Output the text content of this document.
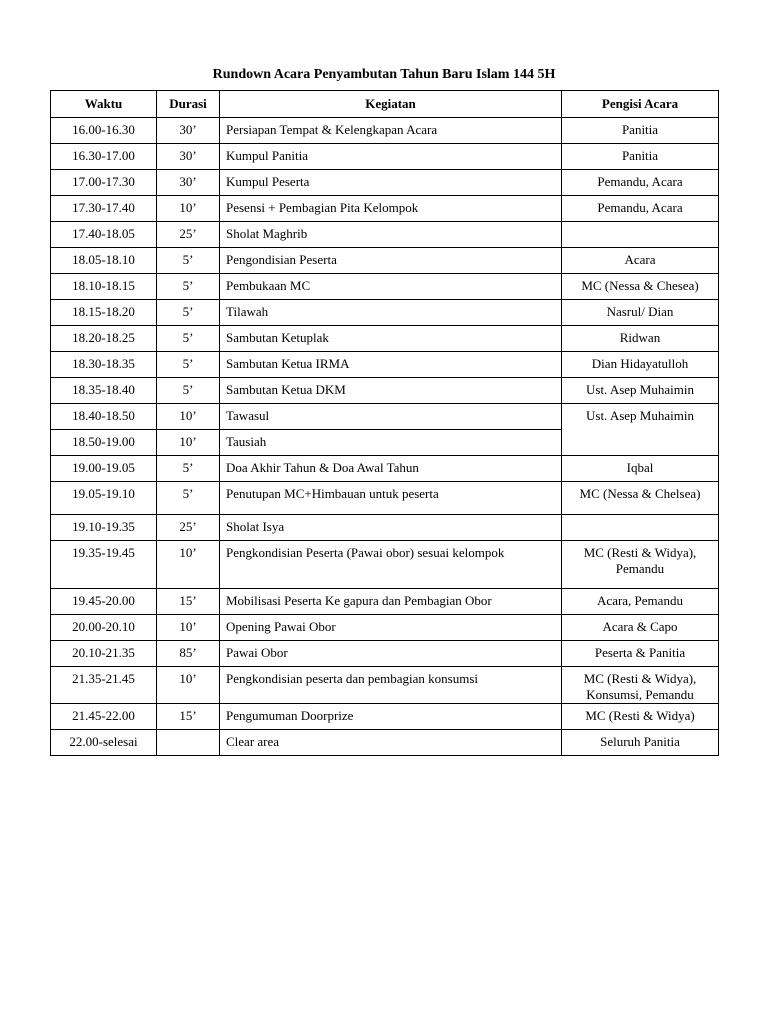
Rundown Acara Penyambutan Tahun Baru Islam 144 5H
Waktu	Durasi	Kegiatan	Pengisi Acara
16.00-16.30	30’	Persiapan Tempat & Kelengkapan Acara	Panitia
16.30-17.00	30’	Kumpul Panitia	Panitia
17.00-17.30	30’	Kumpul Peserta	Pemandu, Acara
17.30-17.40	10’	Pesensi + Pembagian Pita Kelompok	Pemandu, Acara
17.40-18.05	25’	Sholat Maghrib	
18.05-18.10	5’	Pengondisian Peserta	Acara
18.10-18.15	5’	Pembukaan MC	MC (Nessa & Chesea)
18.15-18.20	5’	Tilawah	Nasrul/ Dian
18.20-18.25	5’	Sambutan Ketuplak	Ridwan
18.30-18.35	5’	Sambutan Ketua IRMA	Dian Hidayatulloh
18.35-18.40	5’	Sambutan Ketua DKM	Ust. Asep Muhaimin
18.40-18.50	10’	Tawasul	Ust. Asep Muhaimin
18.50-19.00	10’	Tausiah	
19.00-19.05	5’	Doa Akhir Tahun & Doa Awal Tahun	Iqbal
19.05-19.10	5’	Penutupan MC+Himbauan untuk peserta	MC (Nessa & Chelsea)
19.10-19.35	25’	Sholat Isya	
19.35-19.45	10’	Pengkondisian Peserta (Pawai obor) sesuai kelompok	MC (Resti & Widya), Pemandu
19.45-20.00	15’	Mobilisasi Peserta Ke gapura dan Pembagian Obor	Acara, Pemandu
20.00-20.10	10’	Opening Pawai Obor	Acara & Capo
20.10-21.35	85’	Pawai Obor	Peserta & Panitia
21.35-21.45	10’	Pengkondisian peserta dan pembagian konsumsi	MC (Resti & Widya), Konsumsi, Pemandu
21.45-22.00	15’	Pengumuman Doorprize	MC (Resti & Widya)
22.00-selesai		Clear area	Seluruh Panitia
